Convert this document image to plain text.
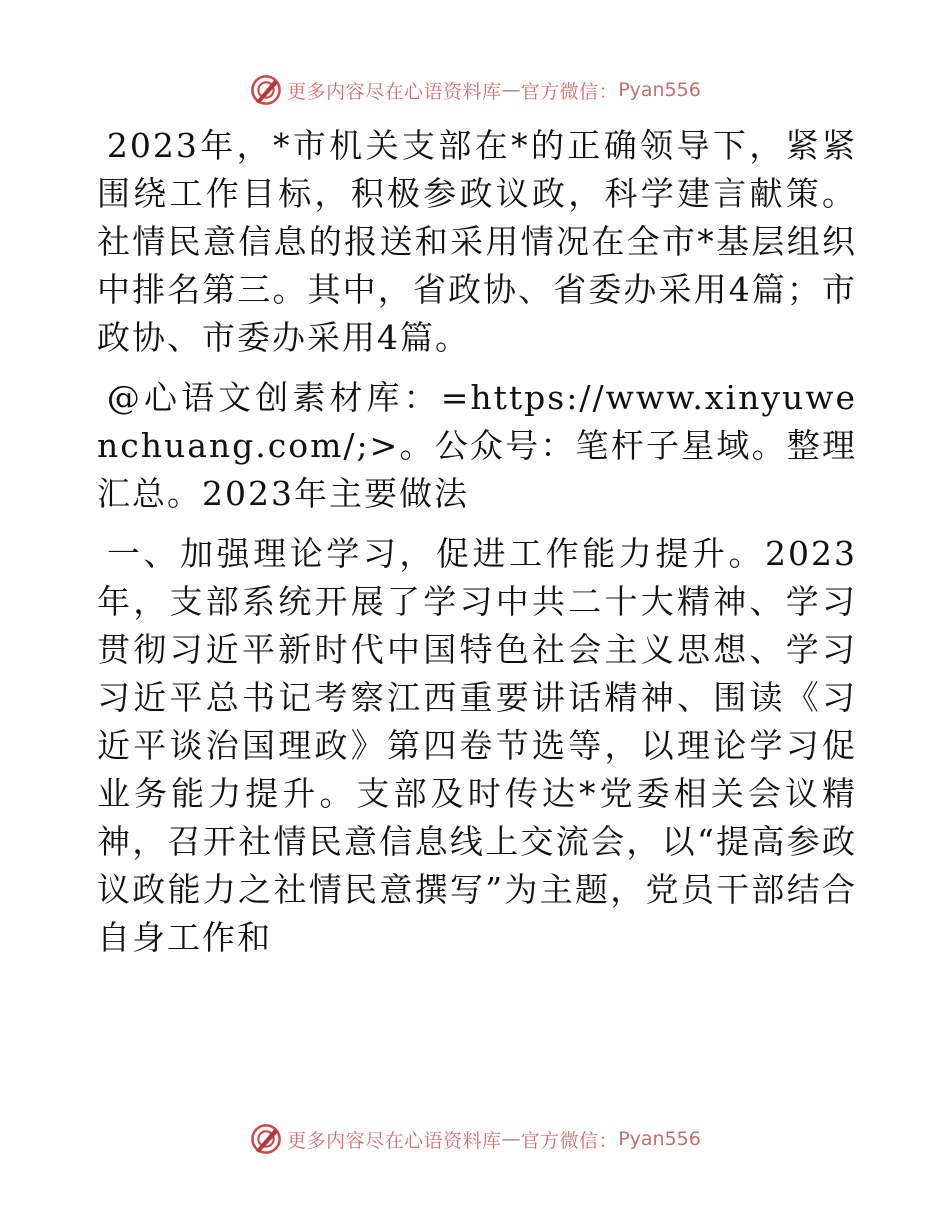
更多内容尽在心语资料库 — 官方微信： Pyan556

2023年，*市机关支部在*的正确领导下，紧紧围绕工作目标，积极参政议政，科学建言献策。社情民意信息的报送和采用情况在全市*基层组织中排名第三。其中，省政协、省委办采用4篇；市政协、市委办采用4篇。

@心语文创素材库：=https://www.xinyuwenchuang.com/;>。公众号：笔杆子星域。整理汇总。2023年主要做法

一、加强理论学习，促进工作能力提升。2023年，支部系统开展了学习中共二十大精神、学习贯彻习近平新时代中国特色社会主义思想、学习习近平总书记考察江西重要讲话精神、围读《习近平谈治国理政》第四卷节选等，以理论学习促业务能力提升。支部及时传达*党委相关会议精神，召开社情民意信息线上交流会，以“提高参政议政能力之社情民意撰写”为主题，党员干部结合自身工作和

更多内容尽在心语资料库 — 官方微信： Pyan556
